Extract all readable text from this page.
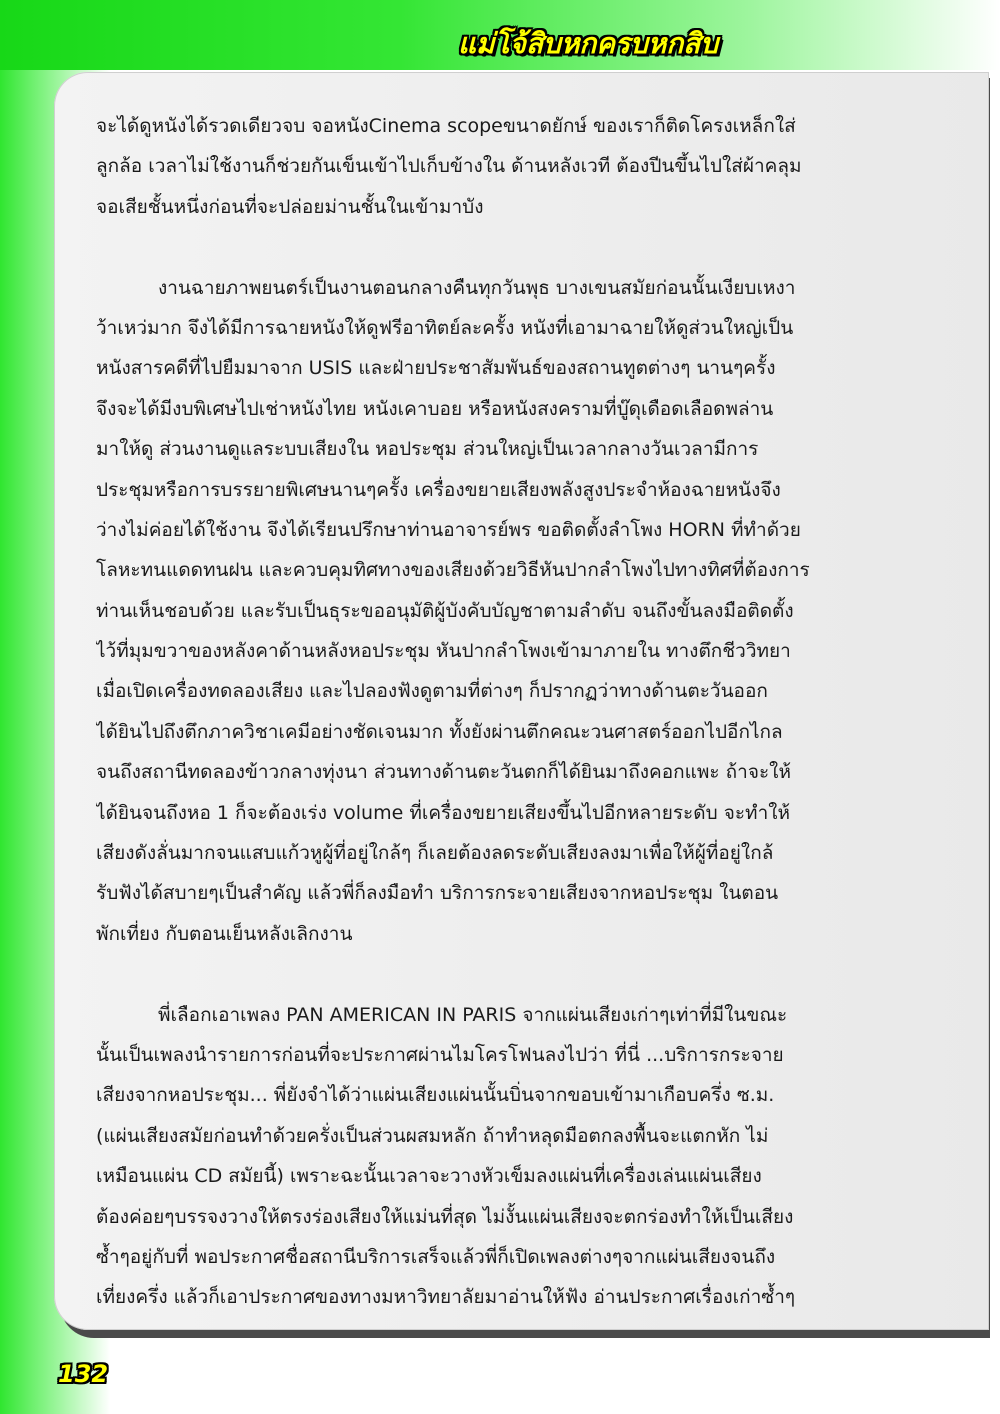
แม่โจ้สิบหกครบหกสิบ
จะได้ดูหนังได้รวดเดียวจบ จอหนังCinema scopeขนาดยักษ์ ของเราก็ติดโครงเหล็กใส่
ลูกล้อ เวลาไม่ใช้งานก็ช่วยกันเข็นเข้าไปเก็บข้างใน ด้านหลังเวที ต้องปีนขึ้นไปใส่ผ้าคลุม
จอเสียชั้นหนึ่งก่อนที่จะปล่อยม่านชั้นในเข้ามาบัง
งานฉายภาพยนตร์เป็นงานตอนกลางคืนทุกวันพุธ บางเขนสมัยก่อนนั้นเงียบเหงา
ว้าเหว่มาก จึงได้มีการฉายหนังให้ดูฟรีอาทิตย์ละครั้ง หนังที่เอามาฉายให้ดูส่วนใหญ่เป็น
หนังสารคดีที่ไปยืมมาจาก USIS และฝ่ายประชาสัมพันธ์ของสถานทูตต่างๆ นานๆครั้ง
จึงจะได้มีงบพิเศษไปเช่าหนังไทย หนังเคาบอย หรือหนังสงครามที่บู๊ดุเดือดเลือดพล่าน
มาให้ดู ส่วนงานดูแลระบบเสียงใน หอประชุม ส่วนใหญ่เป็นเวลากลางวันเวลามีการ
ประชุมหรือการบรรยายพิเศษนานๆครั้ง เครื่องขยายเสียงพลังสูงประจำห้องฉายหนังจึง
ว่างไม่ค่อยได้ใช้งาน จึงได้เรียนปรึกษาท่านอาจารย์พร ขอติดตั้งลำโพง HORN ที่ทำด้วย
โลหะทนแดดทนฝน และควบคุมทิศทางของเสียงด้วยวิธีหันปากลำโพงไปทางทิศที่ต้องการ
ท่านเห็นชอบด้วย และรับเป็นธุระขออนุมัติผู้บังคับบัญชาตามลำดับ จนถึงขั้นลงมือติดตั้ง
ไว้ที่มุมขวาของหลังคาด้านหลังหอประชุม หันปากลำโพงเข้ามาภายใน ทางตึกชีววิทยา
เมื่อเปิดเครื่องทดลองเสียง และไปลองฟังดูตามที่ต่างๆ ก็ปรากฏว่าทางด้านตะวันออก
ได้ยินไปถึงตึกภาควิชาเคมีอย่างชัดเจนมาก ทั้งยังผ่านตึกคณะวนศาสตร์ออกไปอีกไกล
จนถึงสถานีทดลองข้าวกลางทุ่งนา ส่วนทางด้านตะวันตกก็ได้ยินมาถึงคอกแพะ ถ้าจะให้
ได้ยินจนถึงหอ 1 ก็จะต้องเร่ง volume ที่เครื่องขยายเสียงขึ้นไปอีกหลายระดับ จะทำให้
เสียงดังลั่นมากจนแสบแก้วหูผู้ที่อยู่ใกล้ๆ ก็เลยต้องลดระดับเสียงลงมาเพื่อให้ผู้ที่อยู่ใกล้
รับฟังได้สบายๆเป็นสำคัญ แล้วพี่ก็ลงมือทำ บริการกระจายเสียงจากหอประชุม ในตอน
พักเที่ยง กับตอนเย็นหลังเลิกงาน
พี่เลือกเอาเพลง PAN AMERICAN IN PARIS จากแผ่นเสียงเก่าๆเท่าที่มีในขณะ
นั้นเป็นเพลงนำรายการก่อนที่จะประกาศผ่านไมโครโฟนลงไปว่า ที่นี่ ...บริการกระจาย
เสียงจากหอประชุม... พี่ยังจำได้ว่าแผ่นเสียงแผ่นนั้นบิ่นจากขอบเข้ามาเกือบครึ่ง ซ.ม.
(แผ่นเสียงสมัยก่อนทำด้วยครั่งเป็นส่วนผสมหลัก ถ้าทำหลุดมือตกลงพื้นจะแตกหัก ไม่
เหมือนแผ่น CD สมัยนี้) เพราะฉะนั้นเวลาจะวางหัวเข็มลงแผ่นที่เครื่องเล่นแผ่นเสียง
ต้องค่อยๆบรรจงวางให้ตรงร่องเสียงให้แม่นที่สุด ไม่งั้นแผ่นเสียงจะตกร่องทำให้เป็นเสียง
ซ้ำๆอยู่กับที่ พอประกาศชื่อสถานีบริการเสร็จแล้วพี่ก็เปิดเพลงต่างๆจากแผ่นเสียงจนถึง
เที่ยงครึ่ง แล้วก็เอาประกาศของทางมหาวิทยาลัยมาอ่านให้ฟัง อ่านประกาศเรื่องเก่าซ้ำๆ
132
